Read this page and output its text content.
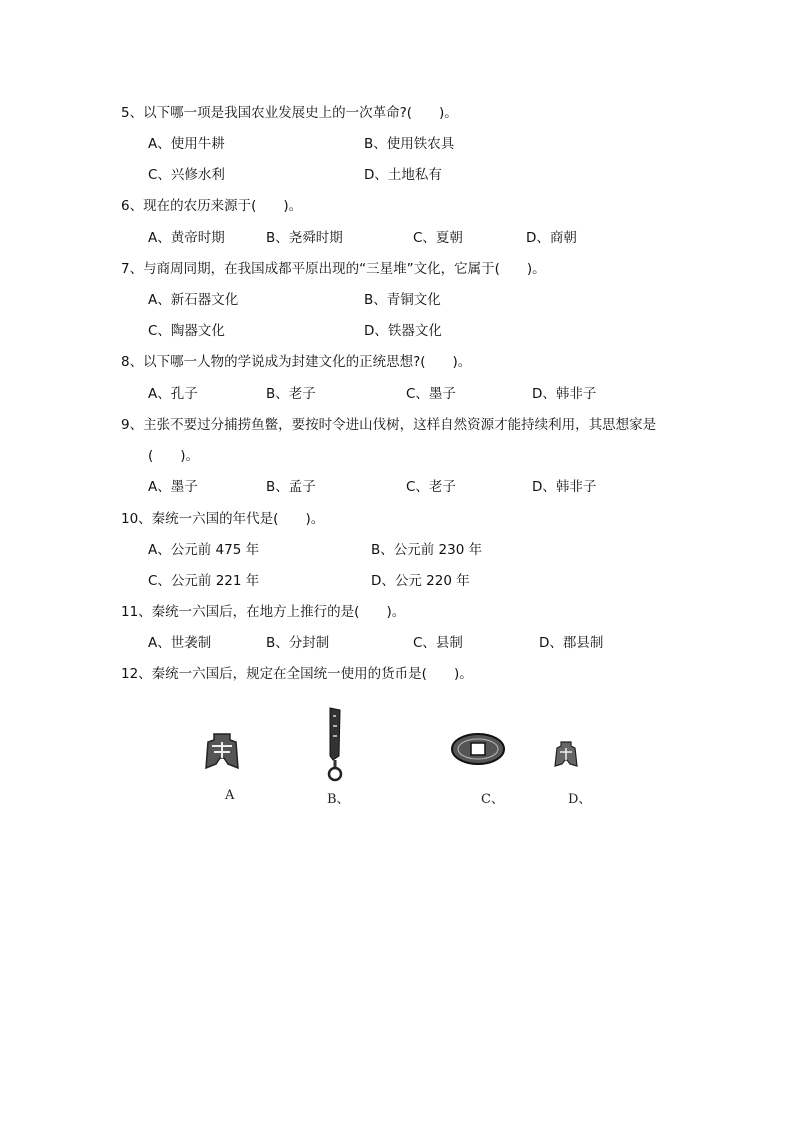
5、以下哪一项是我国农业发展史上的一次革命?(　　)。
A、使用牛耕	B、使用铁农具
C、兴修水利	D、土地私有
6、现在的农历来源于(　　)。
A、黄帝时期	B、尧舜时期	C、夏朝	D、商朝
7、与商周同期，在我国成都平原出现的“三星堆”文化，它属于(　　)。
A、新石器文化	B、青铜文化
C、陶器文化	D、铁器文化
8、以下哪一人物的学说成为封建文化的正统思想?(　　)。
A、孔子	B、老子	C、墨子	D、韩非子
9、主张不要过分捕捞鱼鳖，要按时令进山伐树，这样自然资源才能持续利用，其思想家是
(　　)。
A、墨子	B、孟子	C、老子	D、韩非子
10、秦统一六国的年代是(　　)。
A、公元前 475 年	B、公元前 230 年
C、公元前 221 年	D、公元 220 年
11、秦统一六国后，在地方上推行的是(　　)。
A、世袭制	B、分封制	C、县制	D、郡县制
12、秦统一六国后，规定在全国统一使用的货币是(　　)。
A	B、	C、	D、
